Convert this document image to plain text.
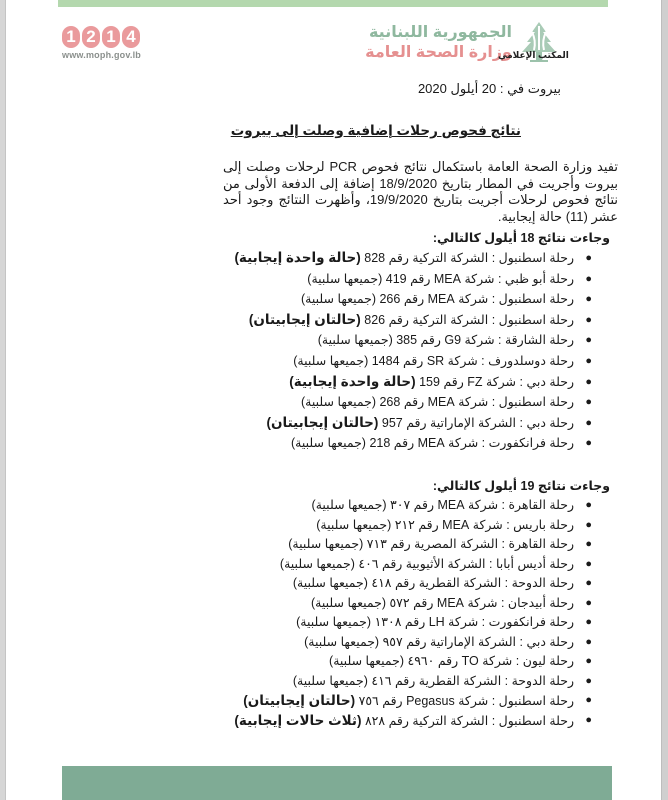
1 2 1 4
www.moph.gov.lb
الجمهورية اللبنانية
وزارة الصحة العامة
المكتب الإعلامي
بيروت في : 20 أيلول 2020
نتائج فحوص رحلات إضافية وصلت إلى بيروت
تفيد وزارة الصحة العامة باستكمال نتائج فحوص PCR لرحلات وصلت إلى بيروت وأجريت في المطار بتاريخ 18/9/2020 إضافة إلى الدفعة الأولى من نتائج فحوص لرحلات أجريت بتاريخ 19/9/2020، وأظهرت النتائج وجود أحد عشر (11) حالة إيجابية.
وجاءت نتائج 18 أيلول كالتالي:
●
رحلة اسطنبول : الشركة التركية رقم 828 (حالة واحدة إيجابية)
●
رحلة أبو ظبي : شركة MEA رقم 419 (جميعها سلبية)
●
رحلة اسطنبول : شركة MEA رقم 266 (جميعها سلبية)
●
رحلة اسطنبول : الشركة التركية رقم 826 (حالتان إيجابيتان)
●
رحلة الشارقة : شركة G9 رقم 385 (جميعها سلبية)
●
رحلة دوسلدورف : شركة SR رقم 1484 (جميعها سلبية)
●
رحلة دبي : شركة FZ رقم 159 (حالة واحدة إيجابية)
●
رحلة اسطنبول : شركة MEA رقم 268 (جميعها سلبية)
●
رحلة دبي : الشركة الإماراتية رقم 957 (حالتان إيجابيتان)
●
رحلة فرانكفورت : شركة MEA رقم 218 (جميعها سلبية)
وجاءت نتائج 19 أيلول كالتالي:
●
رحلة القاهرة : شركة MEA رقم ٣٠٧ (جميعها سلبية)
●
رحلة باريس : شركة MEA رقم ٢١٢ (جميعها سلبية)
●
رحلة القاهرة : الشركة المصرية رقم ٧١٣ (جميعها سلبية)
●
رحلة أديس أبابا : الشركة الأثيوبية رقم ٤٠٦ (جميعها سلبية)
●
رحلة الدوحة : الشركة القطرية رقم ٤١٨ (جميعها سلبية)
●
رحلة أبيدجان : شركة MEA رقم ٥٧٢ (جميعها سلبية)
●
رحلة فرانكفورت : شركة LH رقم ١٣٠٨ (جميعها سلبية)
●
رحلة دبي : الشركة الإماراتية رقم ٩٥٧ (جميعها سلبية)
●
رحلة ليون : شركة TO رقم ٤٩٦٠ (جميعها سلبية)
●
رحلة الدوحة : الشركة القطرية رقم ٤١٦ (جميعها سلبية)
●
رحلة اسطنبول : شركة Pegasus رقم ٧٥٦ (حالتان إيجابيتان)
●
رحلة اسطنبول : الشركة التركية رقم ٨٢٨ (ثلاث حالات إيجابية)
